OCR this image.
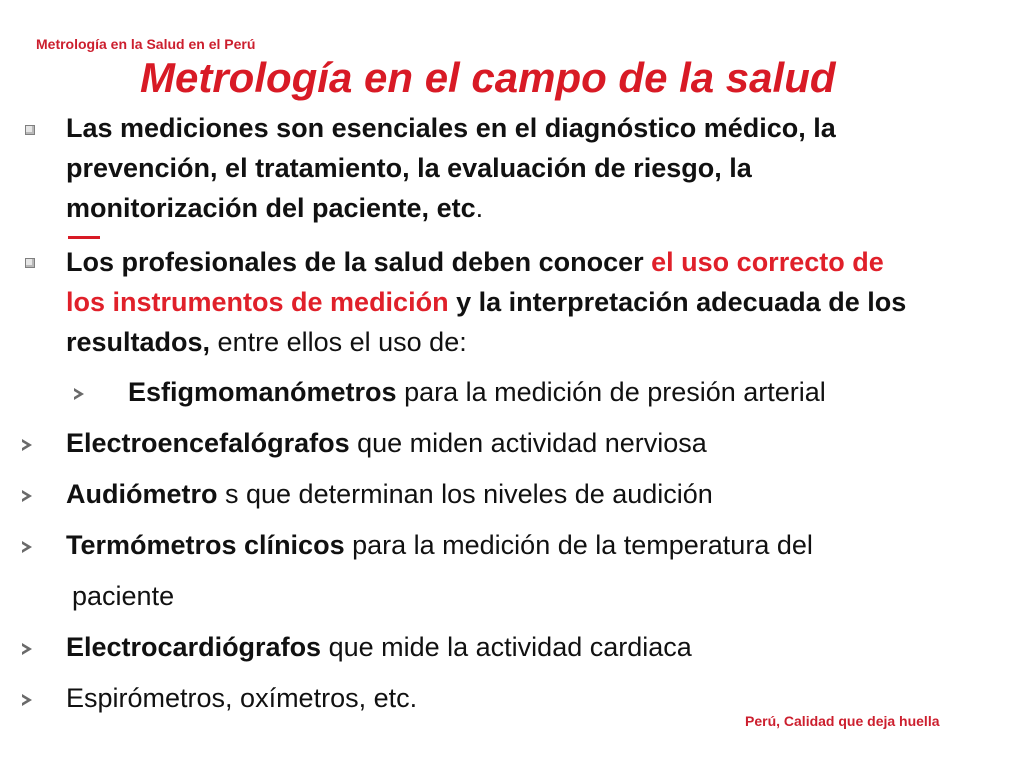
Metrología en la Salud en el Perú
Metrología en el campo de la salud
Las mediciones son esenciales en el diagnóstico médico, la
prevención, el tratamiento, la evaluación de riesgo, la
monitorización del paciente, etc.
Los profesionales de la salud deben conocer el uso correcto de
los instrumentos de medición y la interpretación adecuada de los
resultados, entre ellos el uso de:
Esfigmomanómetros para la medición de presión arterial
Electroencefalógrafos que miden actividad nerviosa
Audiómetro s que determinan los niveles de audición
Termómetros clínicos para la medición de la temperatura del
paciente
Electrocardiógrafos que mide la actividad cardiaca
Espirómetros, oxímetros, etc.
Perú, Calidad que deja huella
